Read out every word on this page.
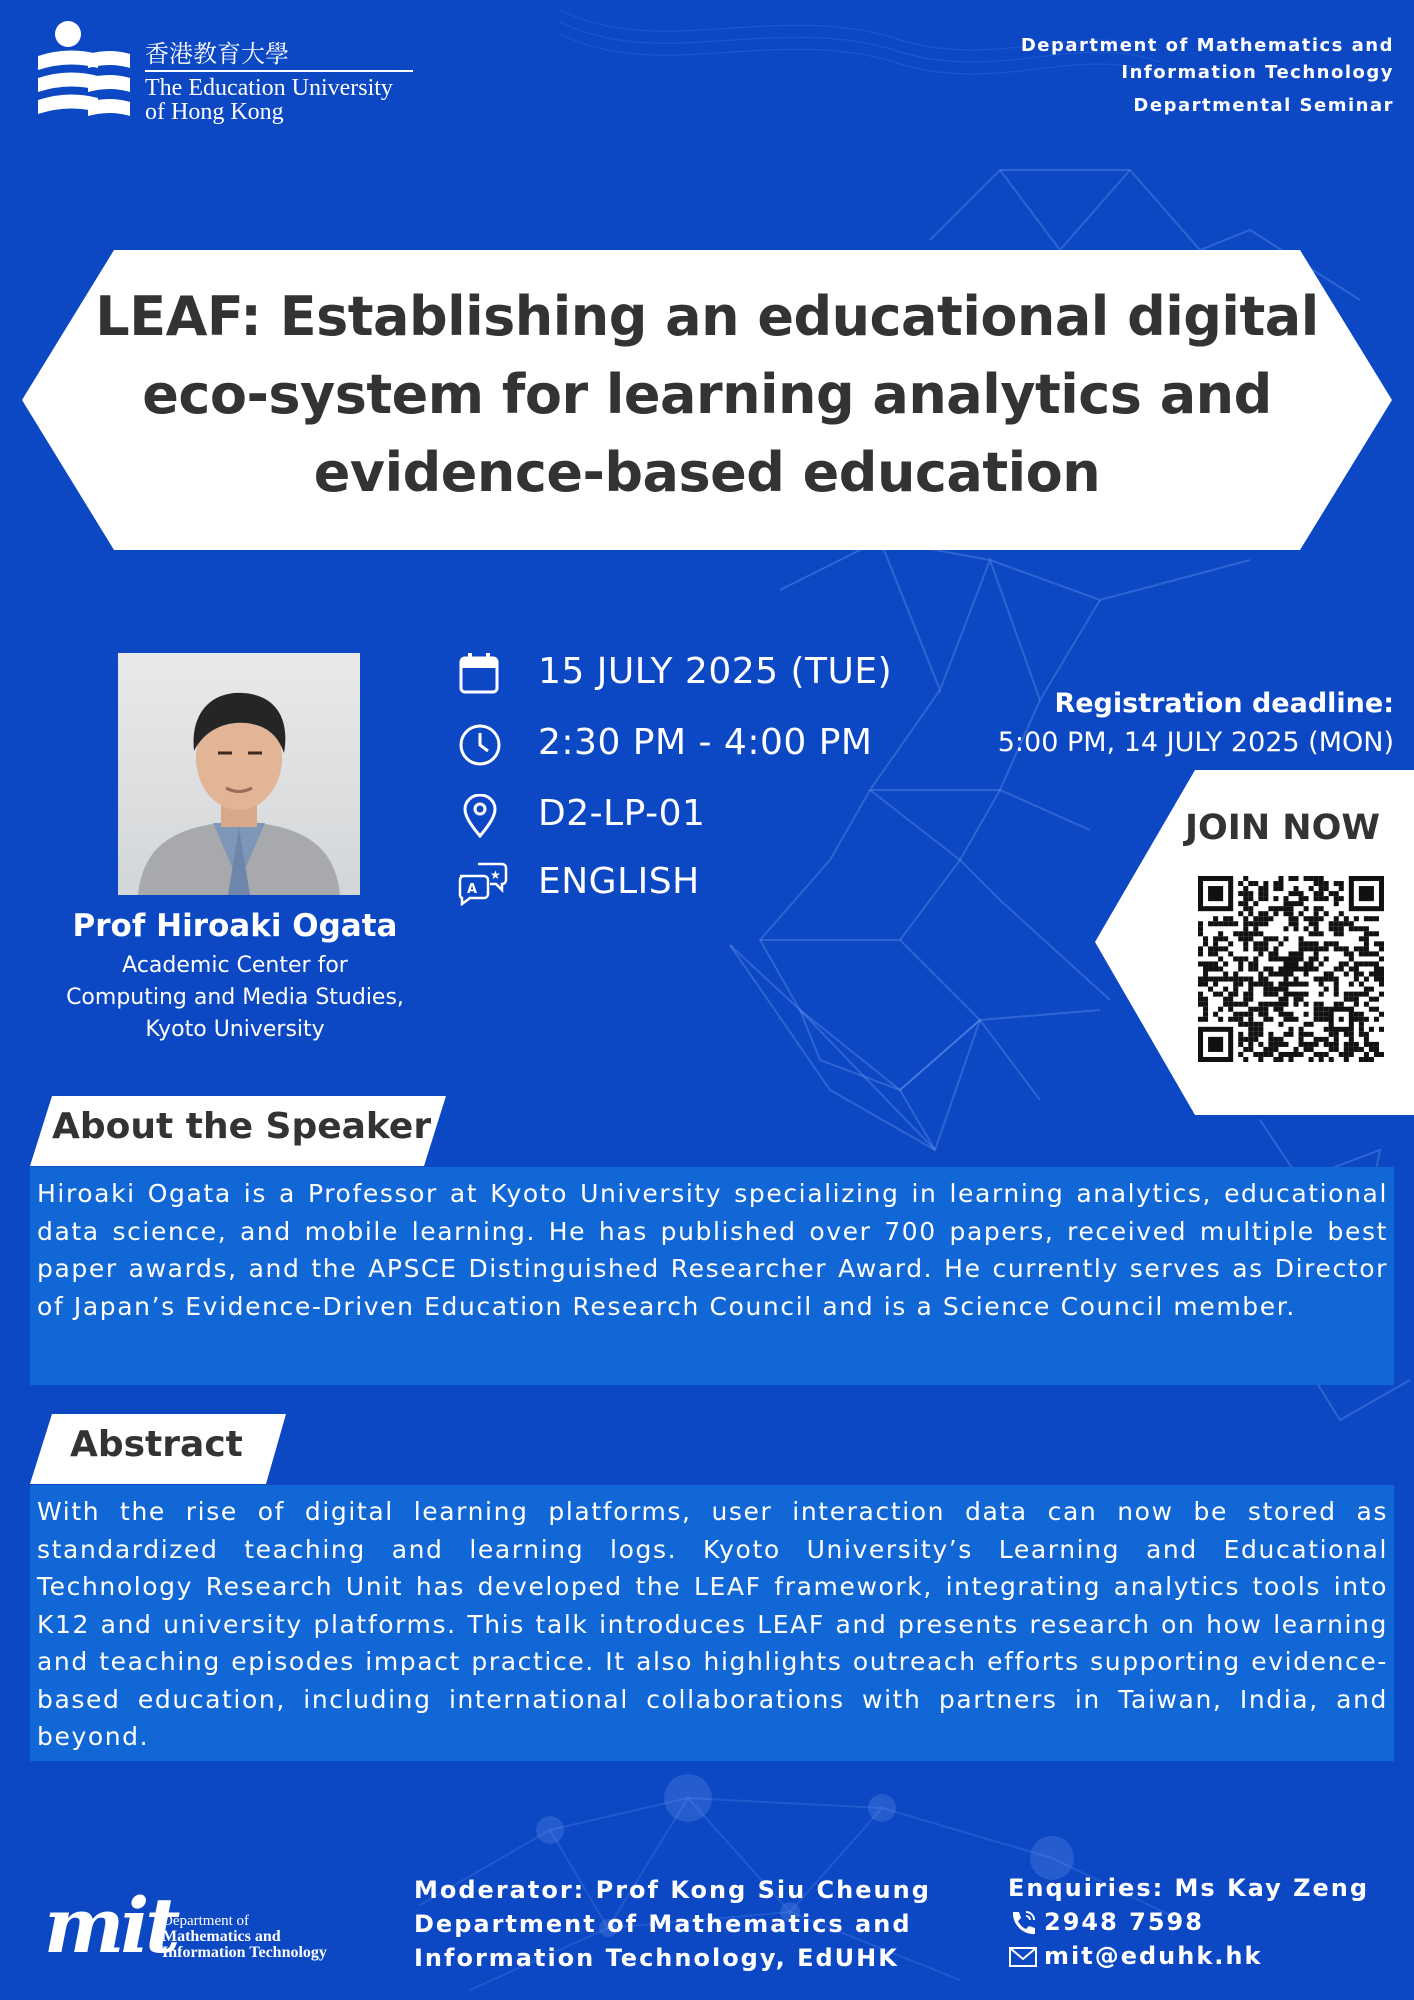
香港教育大學
The Education University
of Hong Kong
Department of Mathematics and
Information Technology
Departmental Seminar
LEAF: Establishing an educational digital
eco-system for learning analytics and
evidence-based education
Prof Hiroaki Ogata
Academic Center for
Computing and Media Studies,
Kyoto University
15 JULY 2025 (TUE)
2:30 PM - 4:00 PM
D2-LP-01
A
★ ENGLISH
Registration deadline:
5:00 PM, 14 JULY 2025 (MON)
JOIN NOW
About the Speaker

Hiroaki Ogata is a Professor at Kyoto University specializing in learning analytics, educational data science, and mobile learning. He has published over 700 papers, received multiple best paper awards, and the APSCE Distinguished Researcher Award. He currently serves as Director of Japan’s Evidence-Driven Education Research Council and is a Science Council member.

Abstract

With the rise of digital learning platforms, user interaction data can now be stored as standardized teaching and learning logs. Kyoto University’s Learning and Educational Technology Research Unit has developed the LEAF framework, integrating analytics tools into K12 and university platforms. This talk introduces LEAF and presents research on how learning and teaching episodes impact practice. It also highlights outreach efforts supporting evidence-based education, including international collaborations with partners in Taiwan, India, and beyond.

mit
Department of
Mathematics and
Information Technology
Moderator: Prof Kong Siu Cheung
Department of Mathematics and
Information Technology, EdUHK
Enquiries: Ms Kay Zeng
2948 7598
mit@eduhk.hk
